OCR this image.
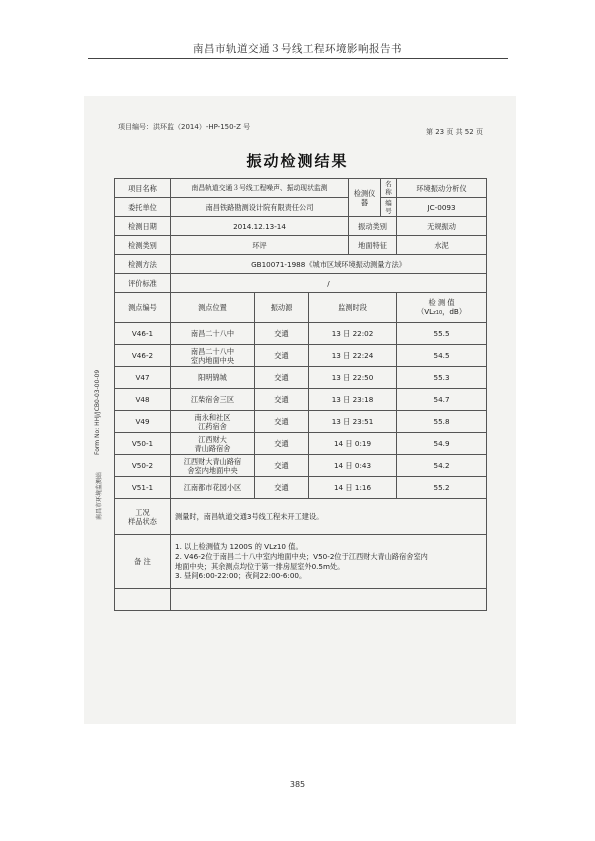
南昌市轨道交通３号线工程环境影响报告书
项目编号：洪环监（2014）-HP-150-Z 号
第 23 页 共 52 页
振动检测结果
Form No: HHJ/JCB0-03-00-09
南昌市环境监测站
项目名称	南昌轨道交通３号线工程噪声、振动现状监测			检测仪器	名称	环境振动分析仪
委托单位	南昌铁路勘测设计院有限责任公司				编号	JC-0093
检测日期	2014.12.13-14			振动类别		无规振动
检测类别	环评			地面特征		水泥
检测方法	GB10071-1988《城市区域环境振动测量方法》					
评价标准	/					
测点编号	测点位置	振动源	监测时段			检 测 值
（VLz10，dB）
V46-1	南昌二十八中	交通	13 日 22:02			55.5
V46-2	南昌二十八中
室内地面中央	交通	13 日 22:24			54.5
V47	阳明锦城	交通	13 日 22:50			55.3
V48	江柴宿舍三区	交通	13 日 23:18			54.7
V49	南永和社区
江药宿舍	交通	13 日 23:51			55.8
V50-1	江西财大
青山路宿舍	交通	14 日 0:19			54.9
V50-2	江西财大青山路宿
舍室内地面中央	交通	14 日 0:43			54.2
V51-1	江南都市花园小区	交通	14 日 1:16			55.2

工况
样品状态	测量时，南昌轨道交通3号线工程未开工建设。					
备 注	1. 以上检测值为 1200S 的 VLz10 值。
2. V46-2位于南昌二十八中室内地面中央；V50-2位于江西财大青山路宿舍室内
地面中央；其余测点均位于第一排房屋室外0.5m处。
3. 昼间6:00-22:00；夜间22:00-6:00。					

385
